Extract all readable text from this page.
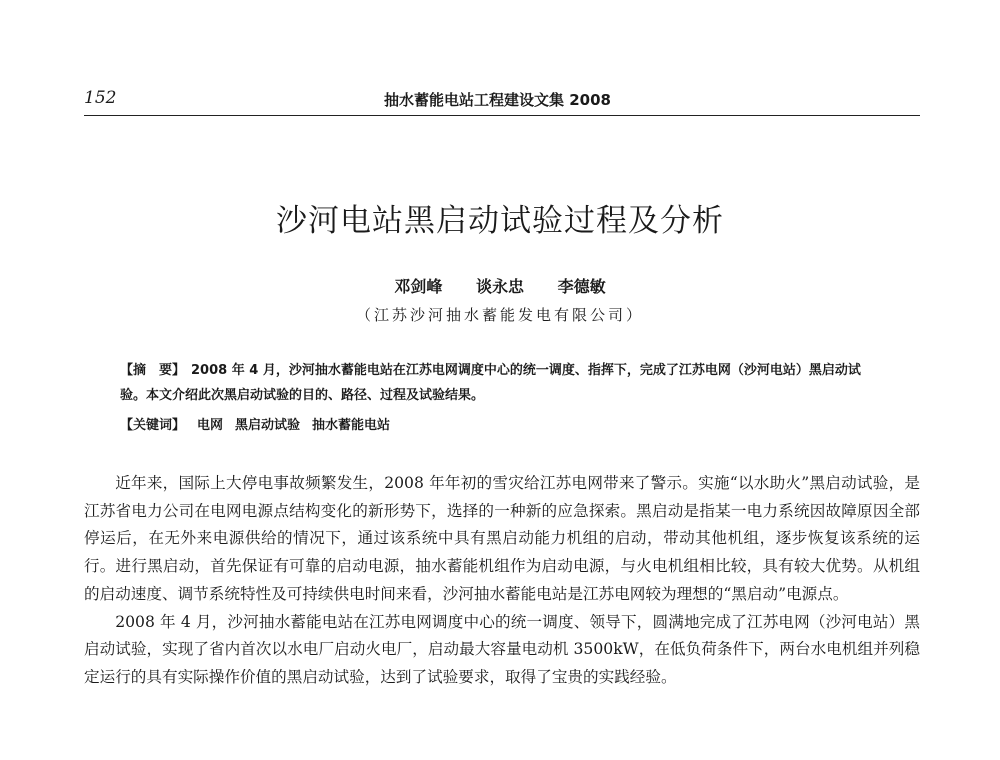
152	抽水蓄能电站工程建设文集 2008
沙河电站黑启动试验过程及分析
邓剑峰 谈永忠 李德敏
（江苏沙河抽水蓄能发电有限公司）
【摘　要】 2008 年 4 月，沙河抽水蓄能电站在江苏电网调度中心的统一调度、指挥下，完成了江苏电网（沙河电站）黑启动试验。本文介绍此次黑启动试验的目的、路径、过程及试验结果。
【关键词】 电网 黑启动试验 抽水蓄能电站

近年来，国际上大停电事故频繁发生，2008 年年初的雪灾给江苏电网带来了警示。实施“以水助火”黑启动试验，是江苏省电力公司在电网电源点结构变化的新形势下，选择的一种新的应急探索。黑启动是指某一电力系统因故障原因全部停运后，在无外来电源供给的情况下，通过该系统中具有黑启动能力机组的启动，带动其他机组，逐步恢复该系统的运行。进行黑启动，首先保证有可靠的启动电源，抽水蓄能机组作为启动电源，与火电机组相比较，具有较大优势。从机组的启动速度、调节系统特性及可持续供电时间来看，沙河抽水蓄能电站是江苏电网较为理想的“黑启动”电源点。

2008 年 4 月，沙河抽水蓄能电站在江苏电网调度中心的统一调度、领导下，圆满地完成了江苏电网（沙河电站）黑启动试验，实现了省内首次以水电厂启动火电厂，启动最大容量电动机 3500kW，在低负荷条件下，两台水电机组并列稳定运行的具有实际操作价值的黑启动试验，达到了试验要求，取得了宝贵的实践经验。
